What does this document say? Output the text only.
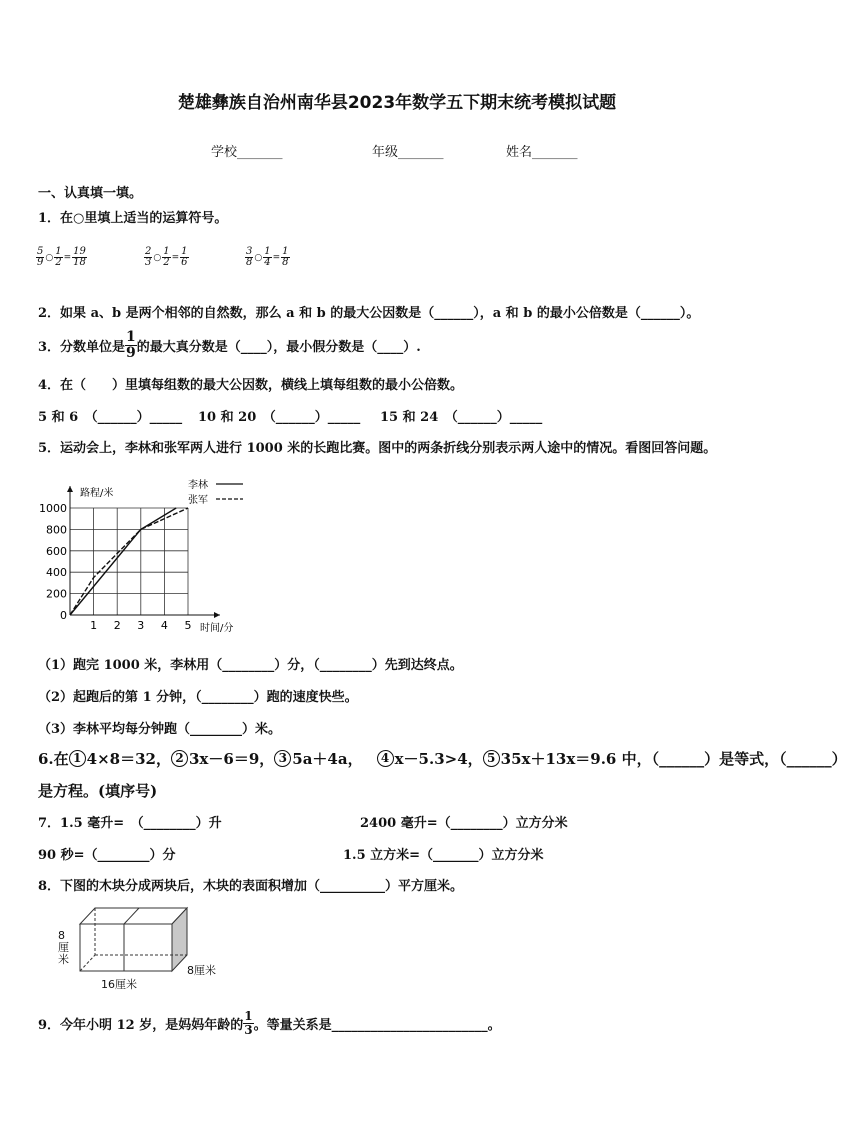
楚雄彝族自治州南华县2023年数学五下期末统考模拟试题
学校_______	年级_______	姓名_______
一、认真填一填。
1．在○里填上适当的运算符号。
$\frac{5}{9}$ ○ $\frac{1}{2} = \frac{19}{18}$	$\frac{2}{3}$ ○ $\frac{1}{2} = \frac{1}{6}$	$\frac{3}{8}$ ○ $\frac{1}{4} = \frac{1}{8}$
2．如果 a、b 是两个相邻的自然数，那么 a 和 b 的最大公因数是（______），a 和 b 的最小公倍数是（______）。
3．分数单位是
1
9 的最大真分数是（____），最小假分数是（____）.
4．在（　　）里填每组数的最大公因数，横线上填每组数的最小公倍数。
5 和 6　（______）_____ 10 和 20　（______）_____ 15 和 24　（______）_____
5．运动会上，李林和张军两人进行 1000 米的长跑比赛。图中的两条折线分别表示两人途中的情况。看图回答问题。
路程/米
时间/分
1 2 3 4 5
0
200
400
600
800
1000
李林
张军
（1）跑完 1000 米，李林用（________）分，（________）先到达终点。
（2）起跑后的第 1 分钟，（________）跑的速度快些。
（3）李林平均每分钟跑（________）米。
6.在 1 4×8＝32， 2 3x－6＝9， 3 5a＋4a，	4 x－5.3>4， 5 35x＋13x＝9.6 中，（______）是等式，（______）
是方程。(填序号)
7．1.5 毫升=　（________）升	2400 毫升=（________）立方分米
90 秒=（________）分	1.5 立方米=（_______）立方分米
8．下图的木块分成两块后，木块的表面积增加（__________）平方厘米。
8
厘
米
8厘米
16厘米
9．今年小明 12 岁，是妈妈年龄的
1
3 。等量关系是________________________。
